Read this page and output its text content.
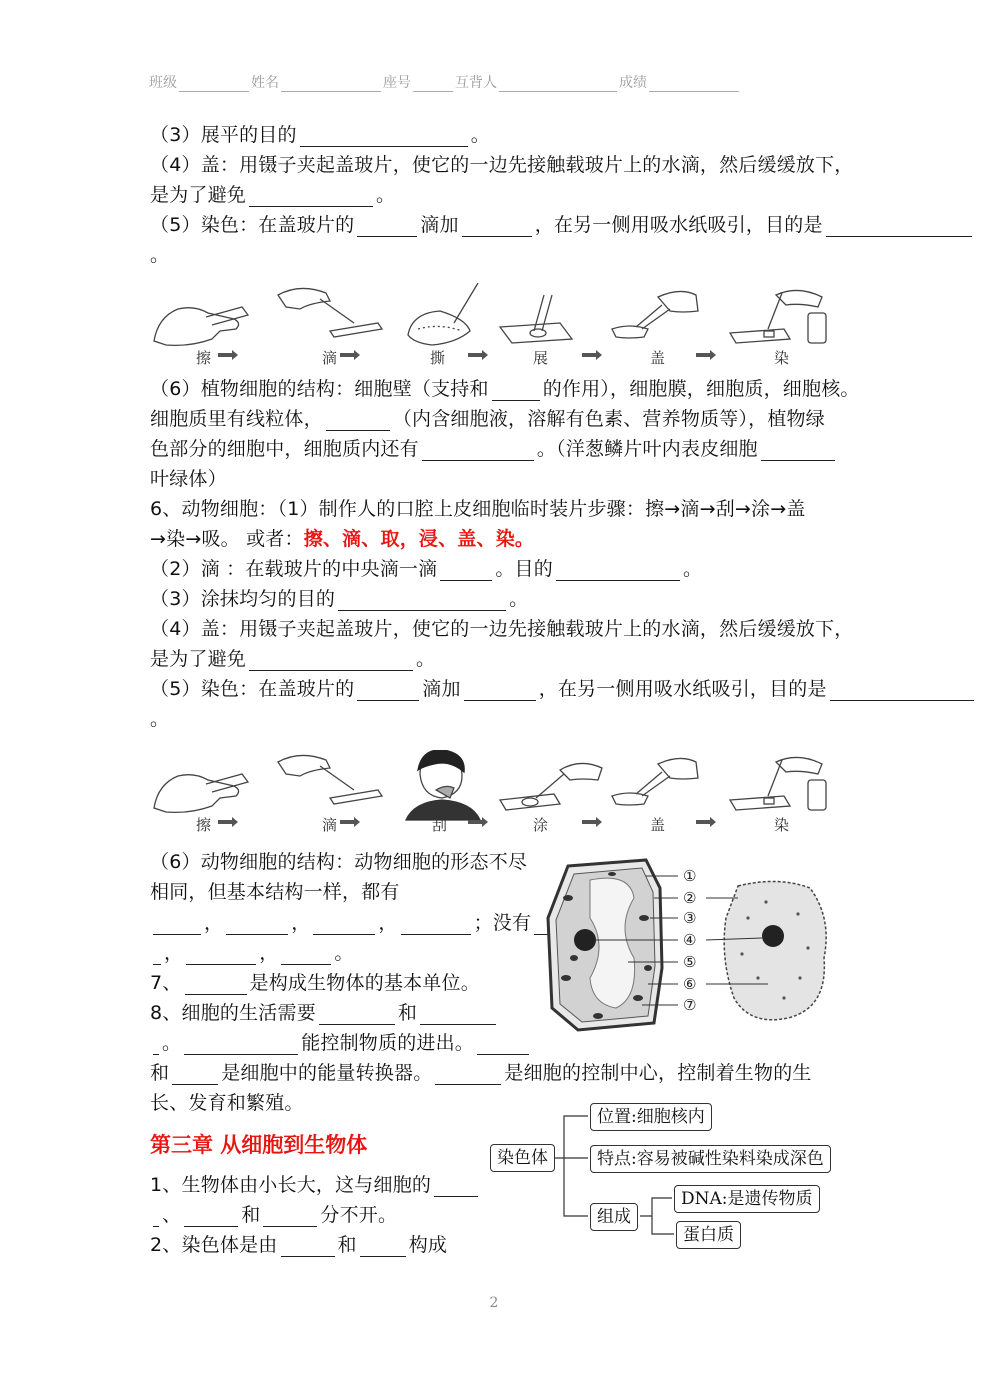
班级	姓名	座号	互背人	成绩
（3）展平的目的	。
（4）盖：用镊子夹起盖玻片，使它的一边先接触载玻片上的水滴，然后缓缓放下，
是为了避免	。
（5）染色：在盖玻片的	滴加	，在另一侧用吸水纸吸引，目的是
。
擦	滴	撕	展	盖	染
（6）植物细胞的结构：细胞壁（支持和	的作用），细胞膜，细胞质，细胞核。
细胞质里有线粒体，	（内含细胞液，溶解有色素、营养物质等），植物绿
色部分的细胞中，细胞质内还有	。（洋葱鳞片叶内表皮细胞
叶绿体）
6、动物细胞：（1）制作人的口腔上皮细胞临时装片步骤：擦→滴→刮→涂→盖
→染→吸。 或者：擦、滴、取，浸、盖、染。
（2）滴 ：在载玻片的中央滴一滴	。目的	。
（3）涂抹均匀的目的	。
（4）盖：用镊子夹起盖玻片，使它的一边先接触载玻片上的水滴，然后缓缓放下，
是为了避免	。
（5）染色：在盖玻片的	滴加	，在另一侧用吸水纸吸引，目的是
。
擦	滴	刮	涂	盖	染
（6）动物细胞的结构：动物细胞的形态不尽
相同，但基本结构一样，都有
，	，	，	；没有
，	，	。
①
②
③
④
⑤
⑥
⑦
7、	是构成生物体的基本单位。
8、细胞的生活需要	和
。	能控制物质的进出。
和	是细胞中的能量转换器。	是细胞的控制中心，控制着生物的生
长、发育和繁殖。
第三章 从细胞到生物体
1、生物体由小长大，这与细胞的
、	和	分不开。
2、染色体是由	和	构成
染色体
位置:细胞核内
特点:容易被碱性染料染成深色
组成
DNA:是遗传物质
蛋白质
2
